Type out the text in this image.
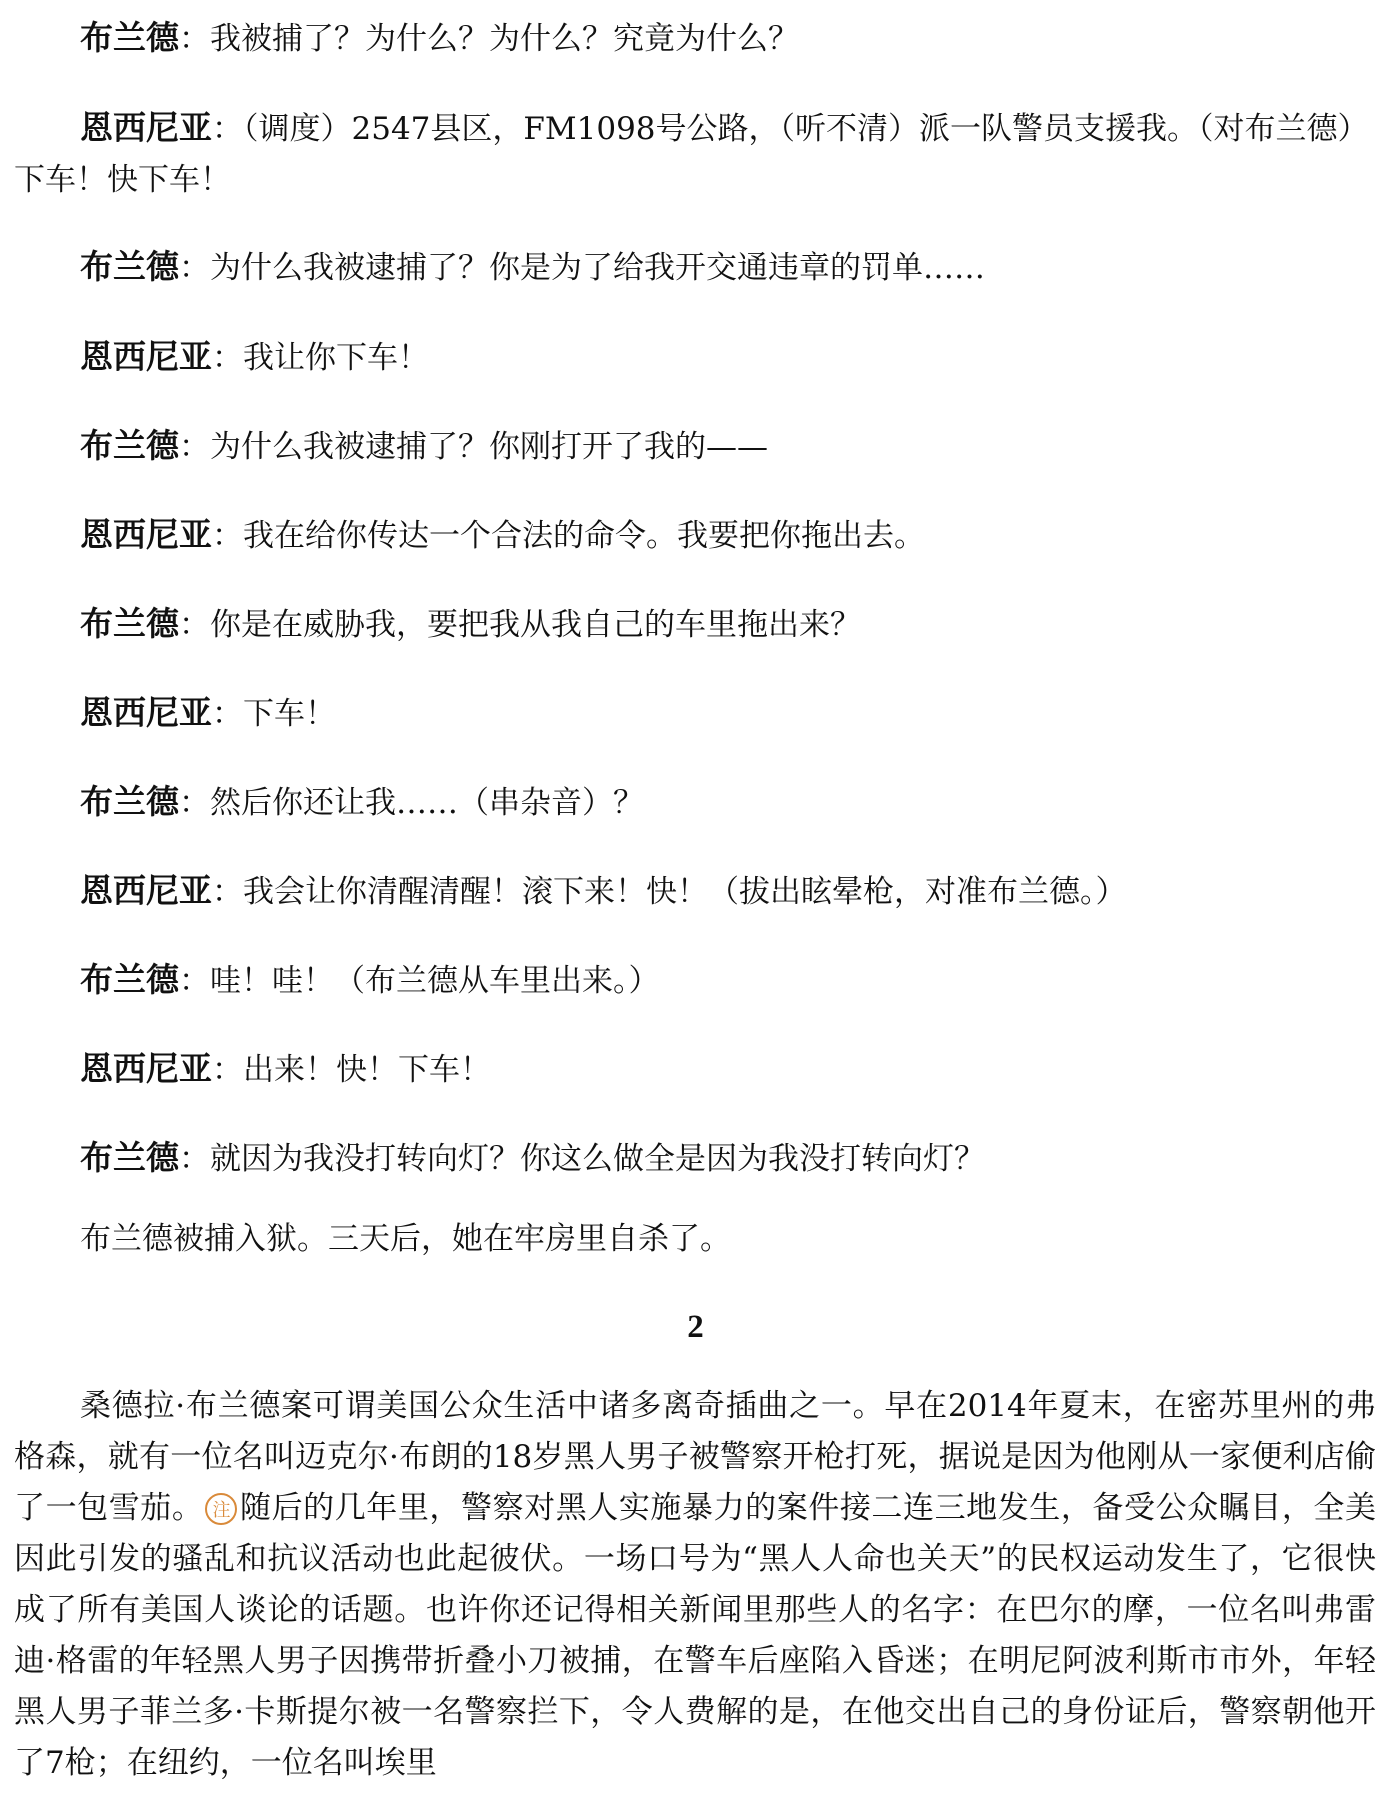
布兰德：我被捕了？为什么？为什么？究竟为什么？
恩西尼亚：（调度）2547县区，FM1098号公路，（听不清）派一队警员支援我。（对布兰德）下车！快下车！
布兰德：为什么我被逮捕了？你是为了给我开交通违章的罚单……
恩西尼亚：我让你下车！
布兰德：为什么我被逮捕了？你刚打开了我的——
恩西尼亚：我在给你传达一个合法的命令。我要把你拖出去。
布兰德：你是在威胁我，要把我从我自己的车里拖出来？
恩西尼亚：下车！
布兰德：然后你还让我……（串杂音）？
恩西尼亚：我会让你清醒清醒！滚下来！快！（拔出眩晕枪，对准布兰德。）
布兰德：哇！哇！（布兰德从车里出来。）
恩西尼亚：出来！快！下车！
布兰德：就因为我没打转向灯？你这么做全是因为我没打转向灯？
布兰德被捕入狱。三天后，她在牢房里自杀了。
2
桑德拉·布兰德案可谓美国公众生活中诸多离奇插曲之一。早在2014年夏末，在密苏里州的弗格森，就有一位名叫迈克尔·布朗的18岁黑人男子被警察开枪打死，据说是因为他刚从一家便利店偷了一包雪茄。 注 随后的几年里，警察对黑人实施暴力的案件接二连三地发生，备受公众瞩目，全美因此引发的骚乱和抗议活动也此起彼伏。一场口号为“黑人人命也关天”的民权运动发生了，它很快成了所有美国人谈论的话题。也许你还记得相关新闻里那些人的名字：在巴尔的摩，一位名叫弗雷迪·格雷的年轻黑人男子因携带折叠小刀被捕，在警车后座陷入昏迷；在明尼阿波利斯市市外，年轻黑人男子菲兰多·卡斯提尔被一名警察拦下，令人费解的是，在他交出自己的身份证后，警察朝他开了7枪；在纽约，一位名叫埃里
